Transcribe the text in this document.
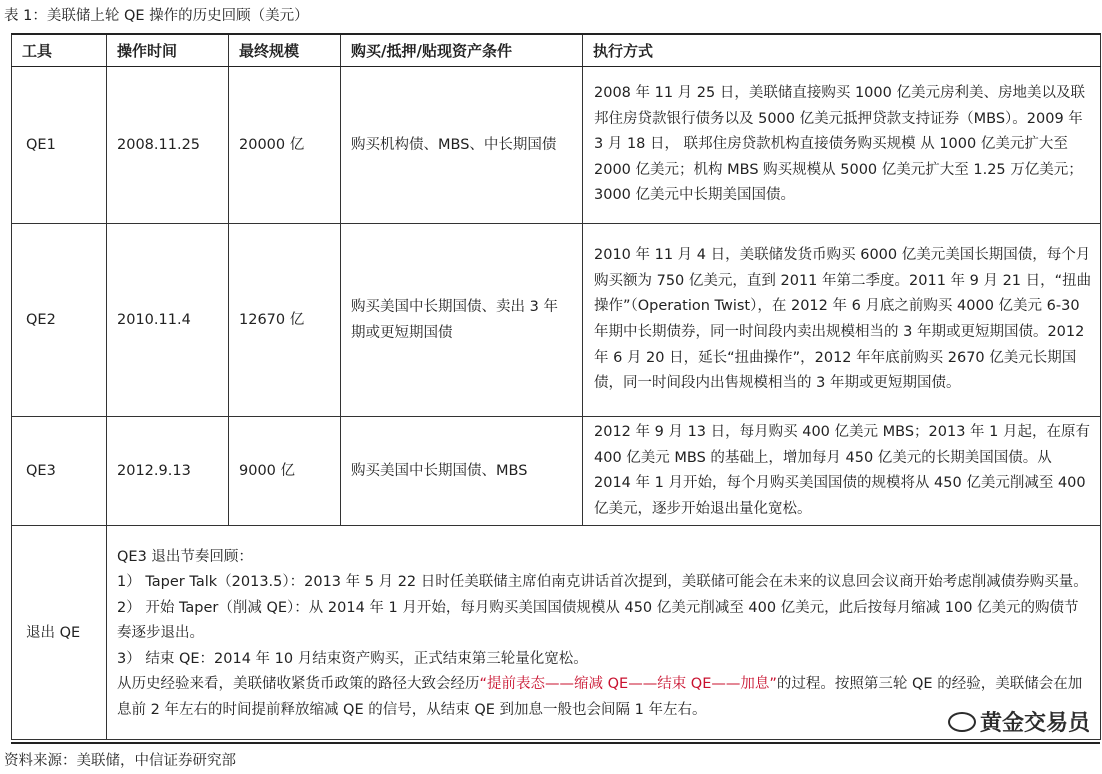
表 1：美联储上轮 QE 操作的历史回顾（美元）
工具	操作时间	最终规模	购买/抵押/贴现资产条件	执行方式
QE1	2008.11.25	20000 亿	购买机构债、MBS、中长期国债	2008 年 11 月 25 日，美联储直接购买 1000 亿美元房利美、房地美以及联邦住房贷款银行债务以及 5000 亿美元抵押贷款支持证券（MBS）。2009 年 3 月 18 日， 联邦住房贷款机构直接债务购买规模 从 1000 亿美元扩大至 2000 亿美元；机构 MBS 购买规模从 5000 亿美元扩大至 1.25 万亿美元；3000 亿美元中长期美国国债。
QE2	2010.11.4	12670 亿	购买美国中长期国债、卖出 3 年期或更短期国债	2010 年 11 月 4 日，美联储发货币购买 6000 亿美元美国长期国债，每个月购买额为 750 亿美元，直到 2011 年第二季度。2011 年 9 月 21 日，“扭曲操作”（Operation Twist），在 2012 年 6 月底之前购买 4000 亿美元 6-30 年期中长期债券，同一时间段内卖出规模相当的 3 年期或更短期国债。2012 年 6 月 20 日，延长“扭曲操作”，2012 年年底前购买 2670 亿美元长期国债，同一时间段内出售规模相当的 3 年期或更短期国债。
QE3	2012.9.13	9000 亿	购买美国中长期国债、MBS	2012 年 9 月 13 日，每月购买 400 亿美元 MBS；2013 年 1 月起，在原有 400 亿美元 MBS 的基础上，增加每月 450 亿美元的长期美国国债。从 2014 年 1 月开始，每个月购买美国国债的规模将从 450 亿美元削减至 400 亿美元，逐步开始退出量化宽松。
退出 QE	QE3 退出节奏回顾：
1） Taper Talk（2013.5）：2013 年 5 月 22 日时任美联储主席伯南克讲话首次提到，美联储可能会在未来的议息回会议商开始考虑削减债券购买量。
2） 开始 Taper（削减 QE）：从 2014 年 1 月开始，每月购买美国国债规模从 450 亿美元削减至 400 亿美元，此后按每月缩减 100 亿美元的购债节奏逐步退出。
3） 结束 QE：2014 年 10 月结束资产购买，正式结束第三轮量化宽松。
从历史经验来看，美联储收紧货币政策的路径大致会经历“提前表态——缩减 QE——结束 QE——加息”的过程。按照第三轮 QE 的经验，美联储会在加息前 2 年左右的时间提前释放缩减 QE 的信号，从结束 QE 到加息一般也会间隔 1 年左右。			
资料来源：美联储，中信证券研究部
黄金交易员
